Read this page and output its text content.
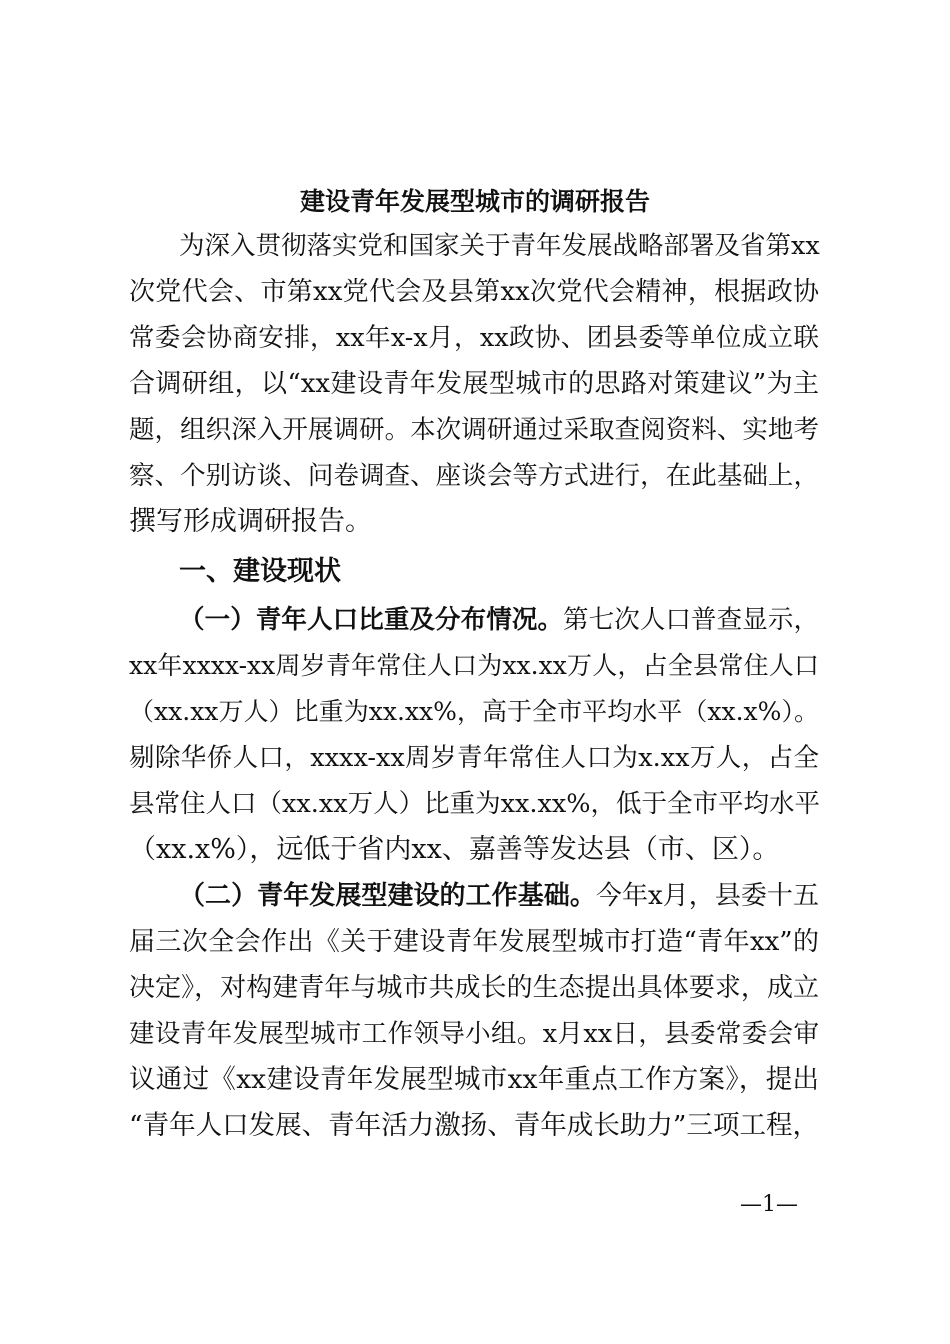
建设青年发展型城市的调研报告
为深入贯彻落实党和国家关于青年发展战略部署及省第xx
次党代会、市第xx党代会及县第xx次党代会精神，根据政协
常委会协商安排，xx年x-x月，xx政协、团县委等单位成立联
合调研组，以“xx建设青年发展型城市的思路对策建议”为主
题，组织深入开展调研。本次调研通过采取查阅资料、实地考
察、个别访谈、问卷调查、座谈会等方式进行，在此基础上，
撰写形成调研报告。
一、建设现状
（一）青年人口比重及分布情况。第七次人口普查显示，
xx年xxxx-xx周岁青年常住人口为xx.xx万人，占全县常住人口
（xx.xx万人）比重为xx.xx%，高于全市平均水平（xx.x%）。
剔除华侨人口，xxxx-xx周岁青年常住人口为x.xx万人，占全
县常住人口（xx.xx万人）比重为xx.xx%，低于全市平均水平
（xx.x%），远低于省内xx、嘉善等发达县（市、区）。
（二）青年发展型建设的工作基础。今年x月，县委十五
届三次全会作出《关于建设青年发展型城市打造“青年xx”的
决定》，对构建青年与城市共成长的生态提出具体要求，成立
建设青年发展型城市工作领导小组。x月xx日，县委常委会审
议通过《xx建设青年发展型城市xx年重点工作方案》，提出
“青年人口发展、青年活力激扬、青年成长助力”三项工程，
—1—
